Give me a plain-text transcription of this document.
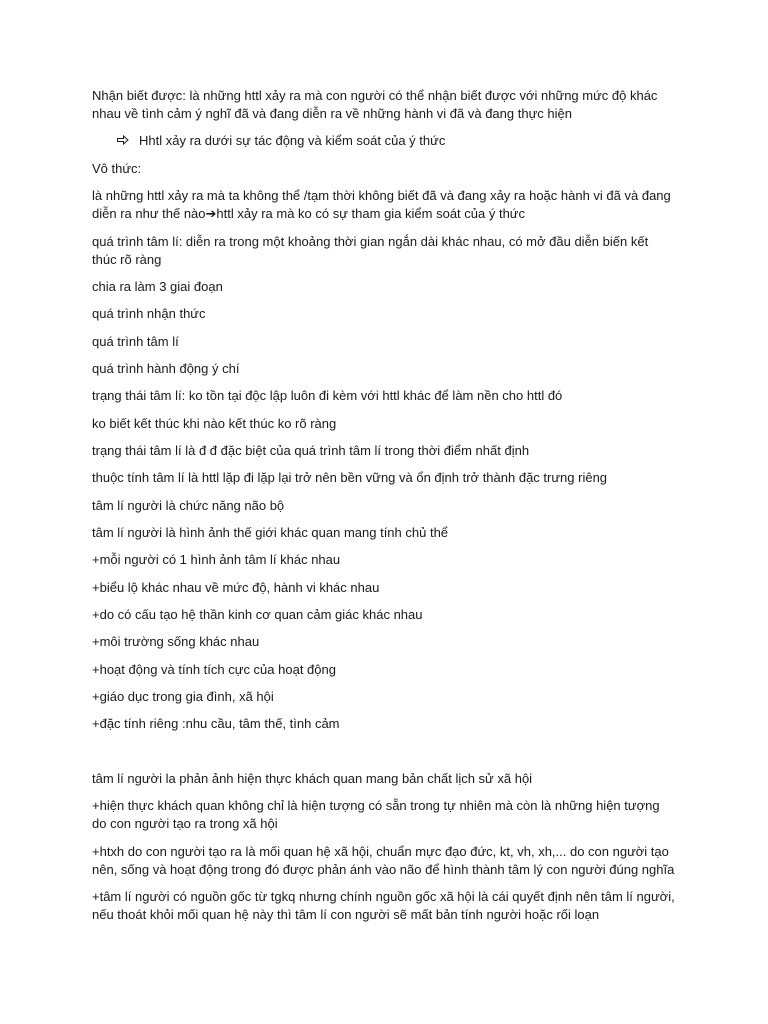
Nhận biết được: là những httl xảy ra mà con người có thể nhận biết được với những mức độ khác
nhau về tình cảm ý nghĩ đã và đang diễn ra về những hành vi đã và đang thực hiện
Hhtl xảy ra dưới sự tác động và kiểm soát của ý thức
Vô thức:
là những httl xảy ra mà ta không thể /tạm thời không biết đã và đang xảy ra hoặc hành vi đã và đang
diễn ra như thế nào➔httl xảy ra mà ko có sự tham gia kiểm soát của ý thức
quá trình tâm lí: diễn ra trong một khoảng thời gian ngắn dài khác nhau, có mở đầu diễn biến kết
thúc rõ ràng
chia ra làm 3 giai đoạn
quá trình nhận thức
quá trình tâm lí
quá trình hành động ý chí
trạng thái tâm lí: ko tồn tại độc lập luôn đi kèm với httl khác để làm nền cho httl đó
ko biết kết thúc khi nào kết thúc ko rõ ràng
trạng thái tâm lí là đ đ đặc biệt của quá trình tâm lí trong thời điểm nhất định
thuộc tính tâm lí là httl lặp đi lặp lại trở nên bền vững và ổn định trở thành đặc trưng riêng
tâm lí người là chức năng não bộ
tâm lí người là hình ảnh thế giới khác quan mang tính chủ thể
+mỗi người có 1 hình ảnh tâm lí khác nhau
+biểu lộ khác nhau về mức độ, hành vi khác nhau
+do có cấu tạo hệ thần kinh cơ quan cảm giác khác nhau
+môi trường sống khác nhau
+hoạt động và tính tích cực của hoạt động
+giáo dục trong gia đình, xã hội
+đặc tính riêng :nhu cầu, tâm thế, tình cảm
tâm lí người la phản ảnh hiện thực khách quan mang bản chất lịch sử xã hội
+hiện thực khách quan không chỉ là hiện tượng có sẵn trong tự nhiên mà còn là những hiện tượng
do con người tạo ra trong xã hội
+htxh do con người tạo ra là mối quan hệ xã hội, chuẩn mực đạo đức, kt, vh, xh,... do con người tạo
nên, sống và hoạt động trong đó được phản ánh vào não để hình thành tâm lý con người đúng nghĩa
+tâm lí người có nguồn gốc từ tgkq nhưng chính nguồn gốc xã hội là cái quyết định nên tâm lí người,
nếu thoát khỏi mối quan hệ này thì tâm lí con người sẽ mất bản tính người hoặc rối loạn
